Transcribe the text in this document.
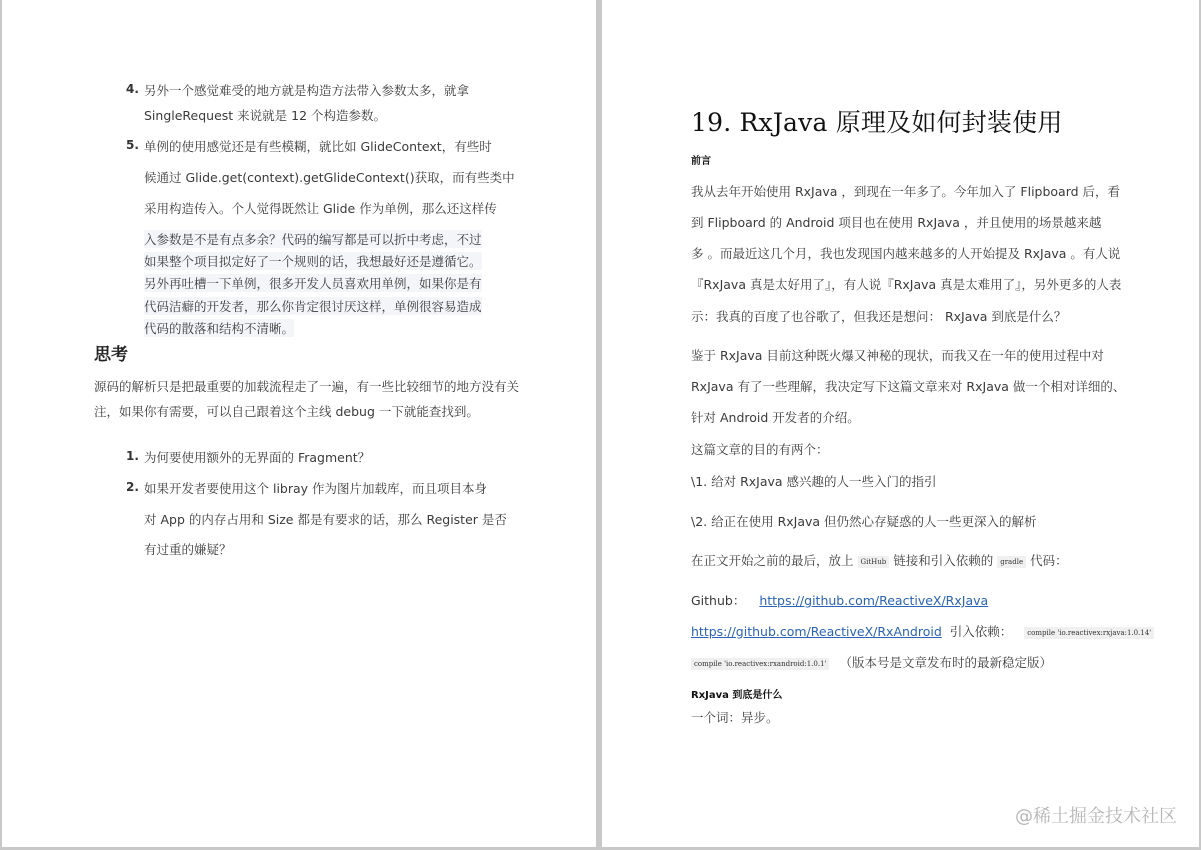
4. 另外一个感觉难受的地方就是构造方法带入参数太多，就拿
SingleRequest 来说就是 12 个构造参数。
5. 单例的使用感觉还是有些模糊，就比如 GlideContext，有些时
候通过 Glide.get(context).getGlideContext()获取，而有些类中
采用构造传入。个人觉得既然让 Glide 作为单例，那么还这样传
入参数是不是有点多余？代码的编写都是可以折中考虑，不过
如果整个项目拟定好了一个规则的话，我想最好还是遵循它。
另外再吐槽一下单例，很多开发人员喜欢用单例，如果你是有
代码洁癖的开发者，那么你肯定很讨厌这样，单例很容易造成
代码的散落和结构不清晰。
思考
源码的解析只是把最重要的加载流程走了一遍，有一些比较细节的地方没有关
注，如果你有需要，可以自己跟着这个主线 debug 一下就能查找到。
1. 为何要使用额外的无界面的 Fragment？
2. 如果开发者要使用这个 libray 作为图片加载库，而且项目本身
对 App 的内存占用和 Size 都是有要求的话，那么 Register 是否
有过重的嫌疑？
19. RxJava 原理及如何封装使用
前言
我从去年开始使用 RxJava ，到现在一年多了。今年加入了 Flipboard 后，看
到 Flipboard 的 Android 项目也在使用 RxJava ，并且使用的场景越来越
多 。而最近这几个月，我也发现国内越来越多的人开始提及 RxJava 。有人说
『RxJava 真是太好用了』，有人说『RxJava 真是太难用了』，另外更多的人表
示：我真的百度了也谷歌了，但我还是想问： RxJava 到底是什么？
鉴于 RxJava 目前这种既火爆又神秘的现状，而我又在一年的使用过程中对
RxJava 有了一些理解，我决定写下这篇文章来对 RxJava 做一个相对详细的、
针对 Android 开发者的介绍。
这篇文章的目的有两个：
\1. 给对 RxJava 感兴趣的人一些入门的指引
\2. 给正在使用 RxJava 但仍然心存疑惑的人一些更深入的解析
在正文开始之前的最后，放上 GitHub 链接和引入依赖的 gradle 代码：
Github： https://github.com/ReactiveX/RxJava
https://github.com/ReactiveX/RxAndroid 引入依赖： compile 'io.reactivex:rxjava:1.0.14'
compile 'io.reactivex:rxandroid:1.0.1' （版本号是文章发布时的最新稳定版）
RxJava 到底是什么
一个词：异步。
@稀土掘金技术社区
